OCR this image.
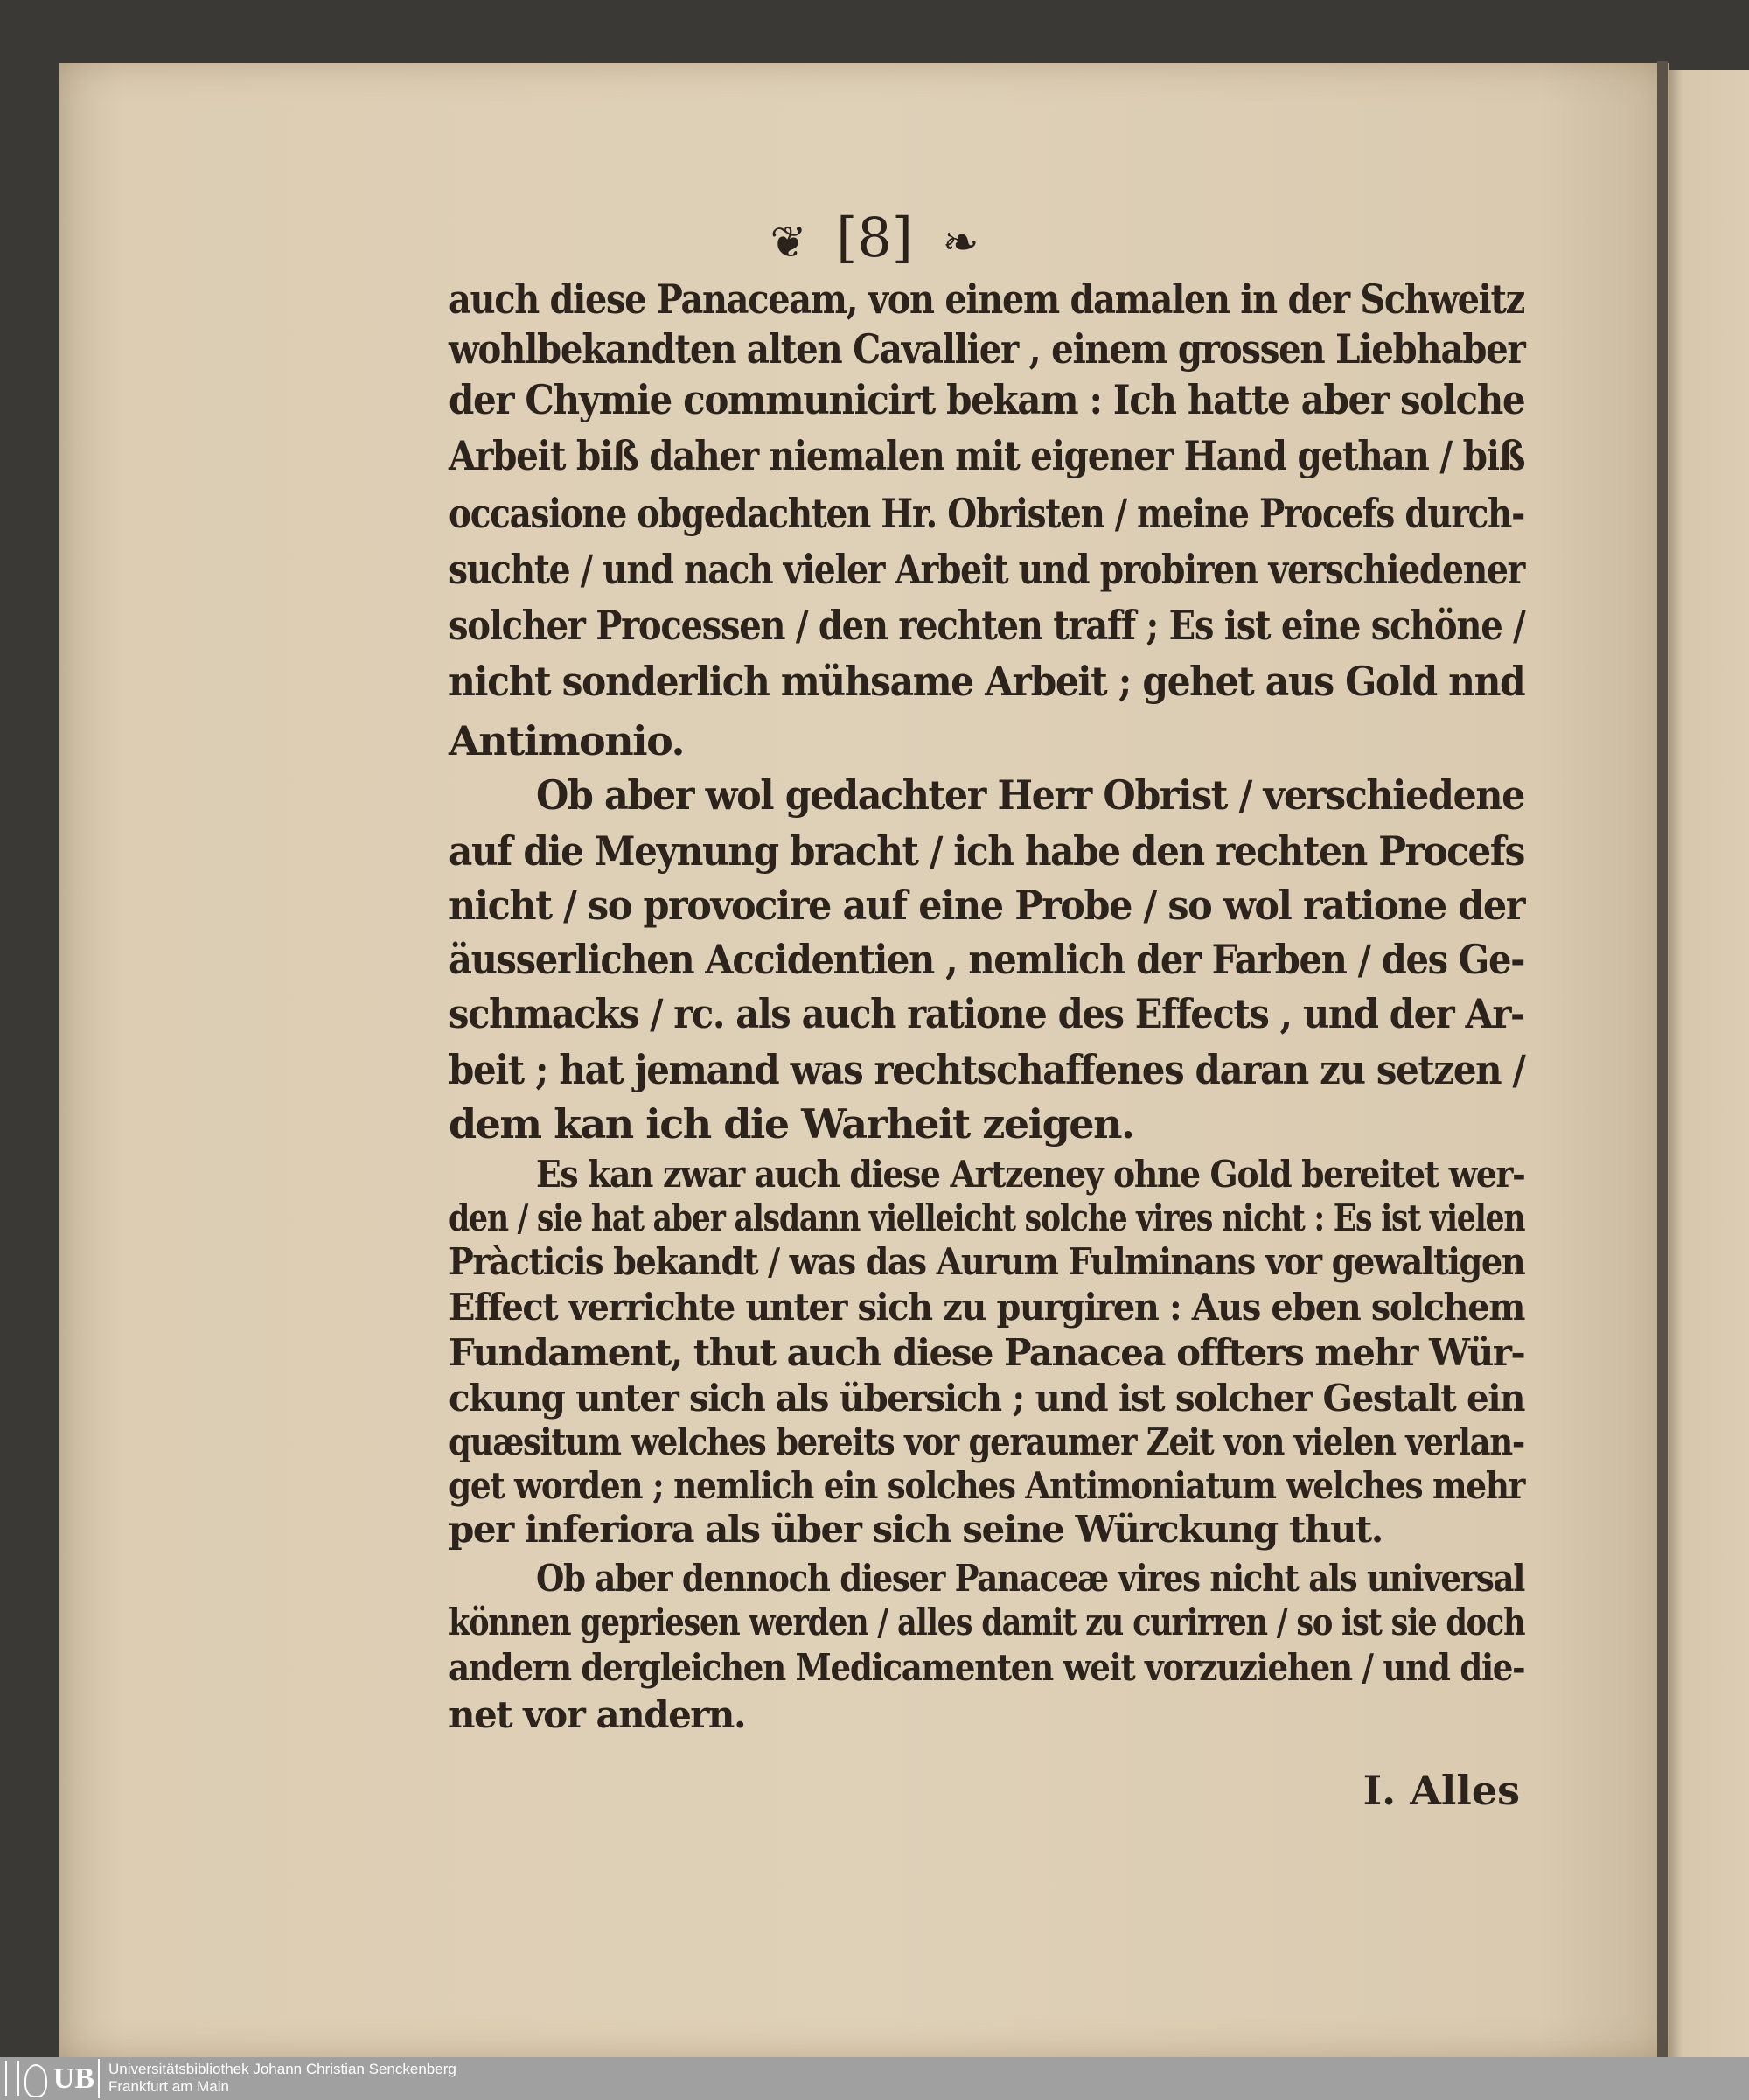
❦ [8] ❧
auch diese Panaceam, von einem damalen in der Schweitz
wohlbekandten alten Cavallier , einem grossen Liebhaber
der Chymie communicirt bekam : Ich hatte aber solche
Arbeit biß daher niemalen mit eigener Hand gethan / biß
occasione obgedachten Hr. Obristen / meine Procefs durch-
suchte / und nach vieler Arbeit und probiren verschiedener
solcher Processen / den rechten traff ; Es ist eine schöne /
nicht sonderlich mühsame Arbeit ; gehet aus Gold nnd
Antimonio.
Ob aber wol gedachter Herr Obrist / verschiedene
auf die Meynung bracht / ich habe den rechten Procefs
nicht / so provocire auf eine Probe / so wol ratione der
äusserlichen Accidentien , nemlich der Farben / des Ge-
schmacks / rc. als auch ratione des Effects , und der Ar-
beit ; hat jemand was rechtschaffenes daran zu setzen /
dem kan ich die Warheit zeigen.
Es kan zwar auch diese Artzeney ohne Gold bereitet wer-
den / sie hat aber alsdann vielleicht solche vires nicht : Es ist vielen
Pràcticis bekandt / was das Aurum Fulminans vor gewaltigen
Effect verrichte unter sich zu purgiren : Aus eben solchem
Fundament, thut auch diese Panacea offters mehr Wür-
ckung unter sich als übersich ; und ist solcher Gestalt ein
quæsitum welches bereits vor geraumer Zeit von vielen verlan-
get worden ; nemlich ein solches Antimoniatum welches mehr
per inferiora als über sich seine Würckung thut.
Ob aber dennoch dieser Panaceæ vires nicht als universal
können gepriesen werden / alles damit zu curirren / so ist sie doch
andern dergleichen Medicamenten weit vorzuziehen / und die-
net vor andern.
I. Alles
UB Universitätsbibliothek Johann Christian Senckenberg
Frankfurt am Main
